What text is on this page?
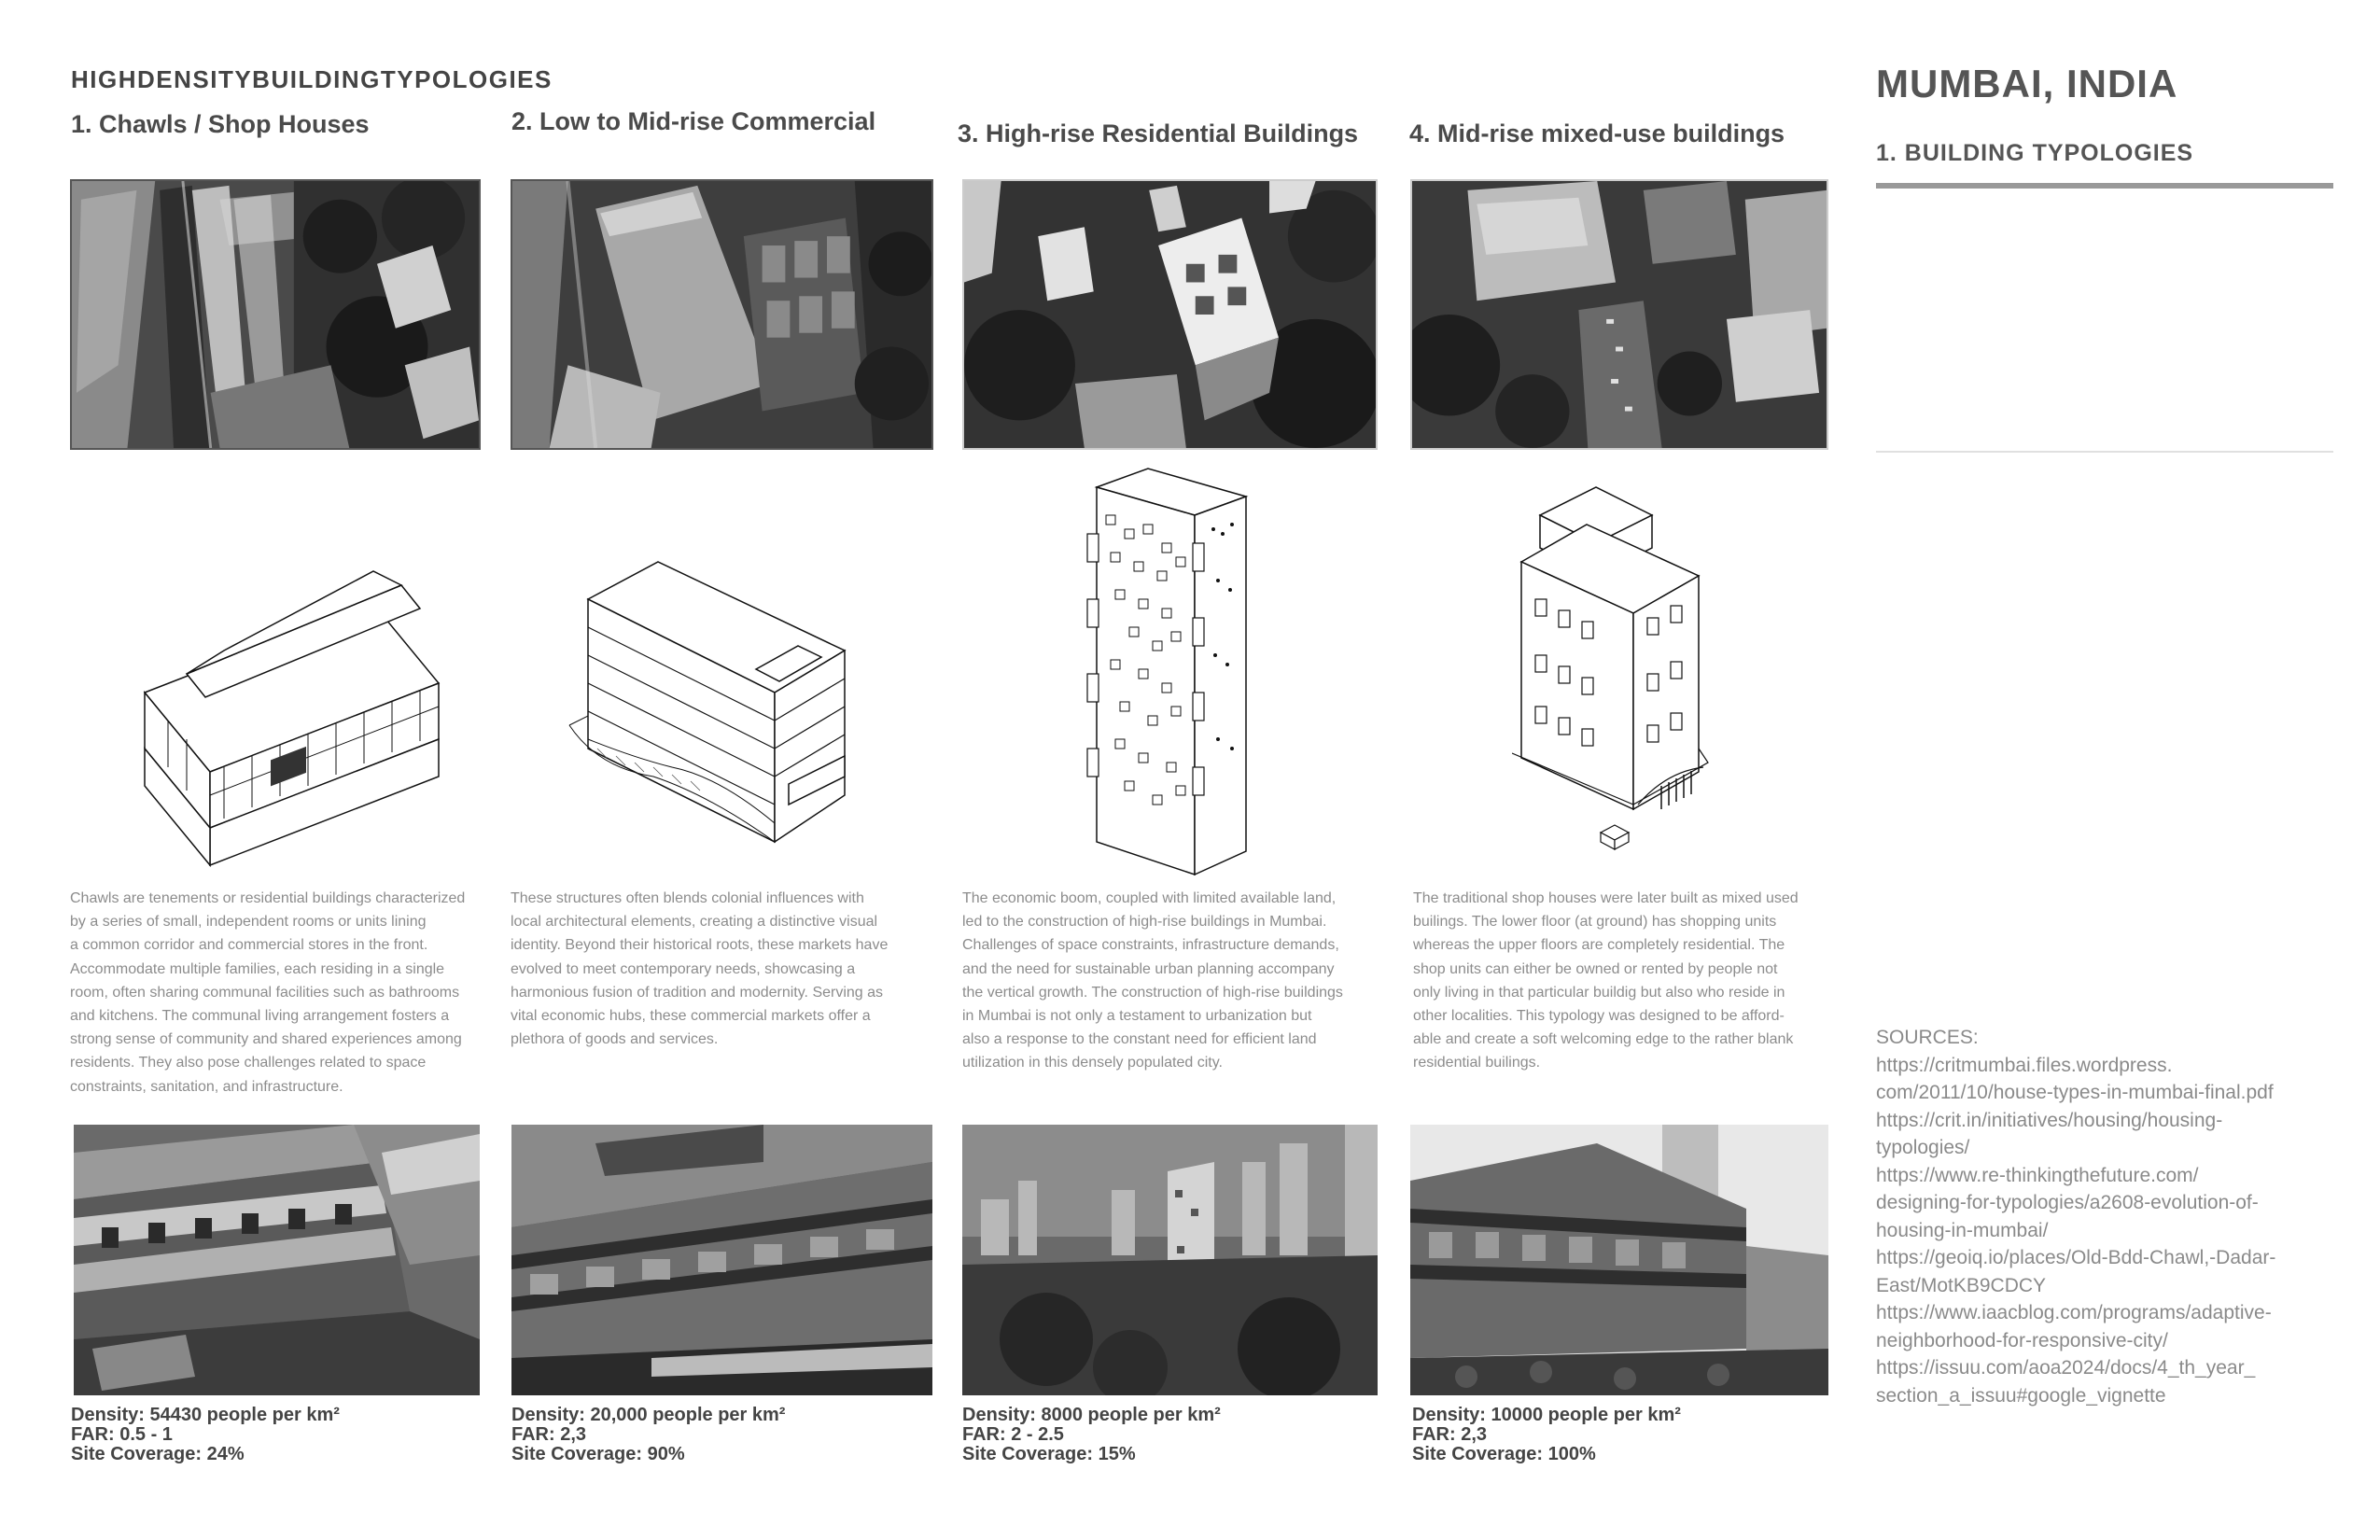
HIGHDENSITYBUILDINGTYPOLOGIES
1. Chawls / Shop Houses
Chawls are tenements or residential buildings characterized
by a series of small, independent rooms or units lining
a common corridor and commercial stores in the front.
Accommodate multiple families, each residing in a single
room, often sharing communal facilities such as bathrooms
and kitchens. The communal living arrangement fosters a
strong sense of community and shared experiences among
residents. They also pose challenges related to space
constraints, sanitation, and infrastructure.
Density: 54430 people per km²
FAR: 0.5 - 1
Site Coverage: 24%
2. Low to Mid-rise Commercial
These structures often blends colonial influences with
local architectural elements, creating a distinctive visual
identity. Beyond their historical roots, these markets have
evolved to meet contemporary needs, showcasing a
harmonious fusion of tradition and modernity. Serving as
vital economic hubs, these commercial markets offer a
plethora of goods and services.
Density: 20,000 people per km²
FAR: 2,3
Site Coverage: 90%
3. High-rise Residential Buildings
The economic boom, coupled with limited available land,
led to the construction of high-rise buildings in Mumbai.
Challenges of space constraints, infrastructure demands,
and the need for sustainable urban planning accompany
the vertical growth. The construction of high-rise buildings
in Mumbai is not only a testament to urbanization but
also a response to the constant need for efficient land
utilization in this densely populated city.
Density: 8000 people per km²
FAR: 2 - 2.5
Site Coverage: 15%
4. Mid-rise mixed-use buildings
The traditional shop houses were later built as mixed used
builings. The lower floor (at ground) has shopping units
whereas the upper floors are completely residential. The
shop units can either be owned or rented by people not
only living in that particular buildig but also who reside in
other localities. This typology was designed to be afford-
able and create a soft welcoming edge to the rather blank
residential builings.
Density: 10000 people per km²
FAR: 2,3
Site Coverage: 100%
MUMBAI, INDIA
1. BUILDING TYPOLOGIES
SOURCES:
https://critmumbai.files.wordpress.
com/2011/10/house-types-in-mumbai-final.pdf
https://crit.in/initiatives/housing/housing-
typologies/
https://www.re-thinkingthefuture.com/
designing-for-typologies/a2608-evolution-of-
housing-in-mumbai/
https://geoiq.io/places/Old-Bdd-Chawl,-Dadar-
East/MotKB9CDCY
https://www.iaacblog.com/programs/adaptive-
neighborhood-for-responsive-city/
https://issuu.com/aoa2024/docs/4_th_year_
section_a_issuu#google_vignette
